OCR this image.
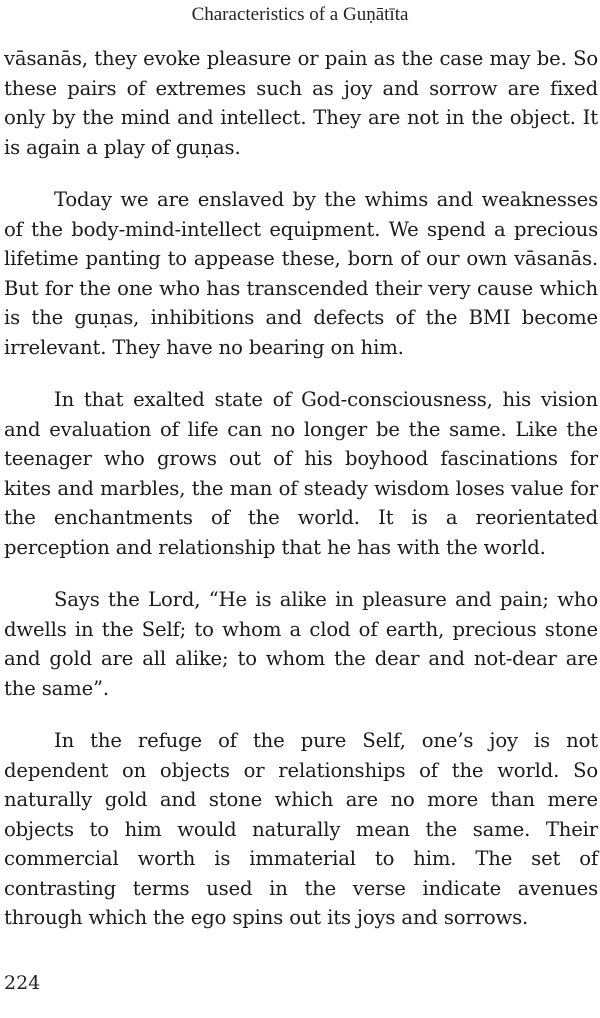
Characteristics of a Guṇātīta

vāsanās, they evoke pleasure or pain as the case may be. So these pairs of extremes such as joy and sorrow are fixed only by the mind and intellect. They are not in the object. It is again a play of guṇas.

Today we are enslaved by the whims and weaknesses of the body-mind-intellect equipment. We spend a precious lifetime panting to appease these, born of our own vāsanās. But for the one who has transcended their very cause which is the guṇas, inhibitions and defects of the BMI become irrelevant. They have no bearing on him.

In that exalted state of God-consciousness, his vision and evaluation of life can no longer be the same. Like the teenager who grows out of his boyhood fascinations for kites and marbles, the man of steady wisdom loses value for the enchantments of the world. It is a reorientated perception and relationship that he has with the world.

Says the Lord, “He is alike in pleasure and pain; who dwells in the Self; to whom a clod of earth, precious stone and gold are all alike; to whom the dear and not-dear are the same”.

In the refuge of the pure Self, one’s joy is not dependent on objects or relationships of the world. So naturally gold and stone which are no more than mere objects to him would naturally mean the same. Their commercial worth is immaterial to him. The set of contrasting terms used in the verse indicate avenues through which the ego spins out its joys and sorrows.

224
